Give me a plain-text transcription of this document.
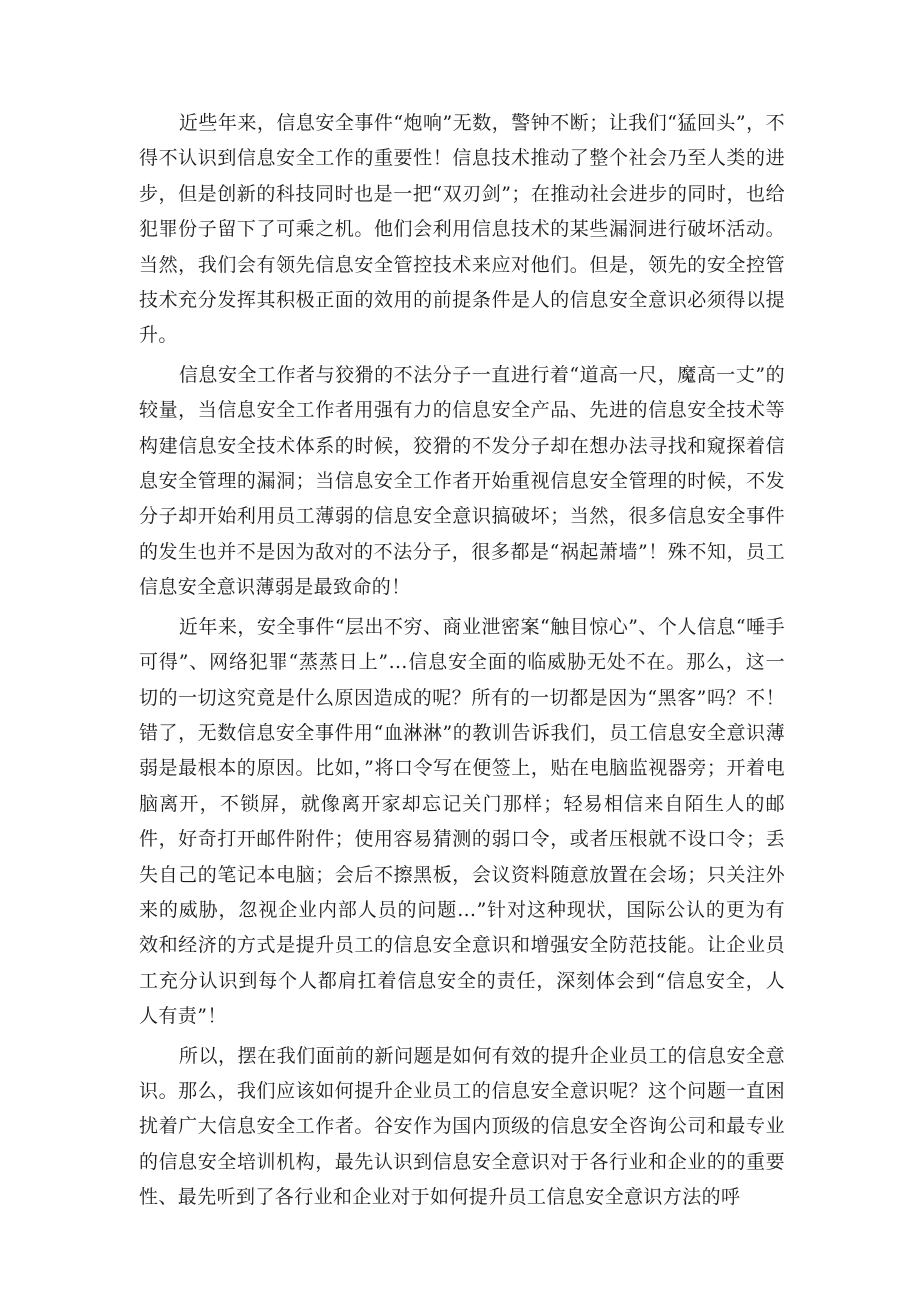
近些年来，信息安全事件“炮响”无数，警钟不断；让我们“猛回头”，不得不认识到信息安全工作的重要性！信息技术推动了整个社会乃至人类的进步，但是创新的科技同时也是一把“双刃剑”；在推动社会进步的同时，也给犯罪份子留下了可乘之机。他们会利用信息技术的某些漏洞进行破坏活动。当然，我们会有领先信息安全管控技术来应对他们。但是，领先的安全控管技术充分发挥其积极正面的效用的前提条件是人的信息安全意识必须得以提升。

信息安全工作者与狡猾的不法分子一直进行着“道高一尺，魔高一丈”的较量，当信息安全工作者用强有力的信息安全产品、先进的信息安全技术等构建信息安全技术体系的时候，狡猾的不发分子却在想办法寻找和窥探着信息安全管理的漏洞；当信息安全工作者开始重视信息安全管理的时候，不发分子却开始利用员工薄弱的信息安全意识搞破坏；当然，很多信息安全事件的发生也并不是因为敌对的不法分子，很多都是“祸起萧墙”！殊不知，员工信息安全意识薄弱是最致命的！

近年来，安全事件“层出不穷、商业泄密案“触目惊心”、个人信息“唾手可得”、网络犯罪“蒸蒸日上”…信息安全面的临威胁无处不在。那么，这一切的一切这究竟是什么原因造成的呢？所有的一切都是因为“黑客”吗？不！错了，无数信息安全事件用“血淋淋”的教训告诉我们，员工信息安全意识薄弱是最根本的原因。比如，”将口令写在便签上，贴在电脑监视器旁；开着电脑离开，不锁屏，就像离开家却忘记关门那样；轻易相信来自陌生人的邮件，好奇打开邮件附件；使用容易猜测的弱口令，或者压根就不设口令；丢失自己的笔记本电脑；会后不擦黑板，会议资料随意放置在会场；只关注外来的威胁，忽视企业内部人员的问题…”针对这种现状，国际公认的更为有效和经济的方式是提升员工的信息安全意识和增强安全防范技能。让企业员工充分认识到每个人都肩扛着信息安全的责任，深刻体会到“信息安全，人人有责”！

所以，摆在我们面前的新问题是如何有效的提升企业员工的信息安全意识。那么，我们应该如何提升企业员工的信息安全意识呢？这个问题一直困扰着广大信息安全工作者。谷安作为国内顶级的信息安全咨询公司和最专业的信息安全培训机构，最先认识到信息安全意识对于各行业和企业的的重要性、最先听到了各行业和企业对于如何提升员工信息安全意识方法的呼
